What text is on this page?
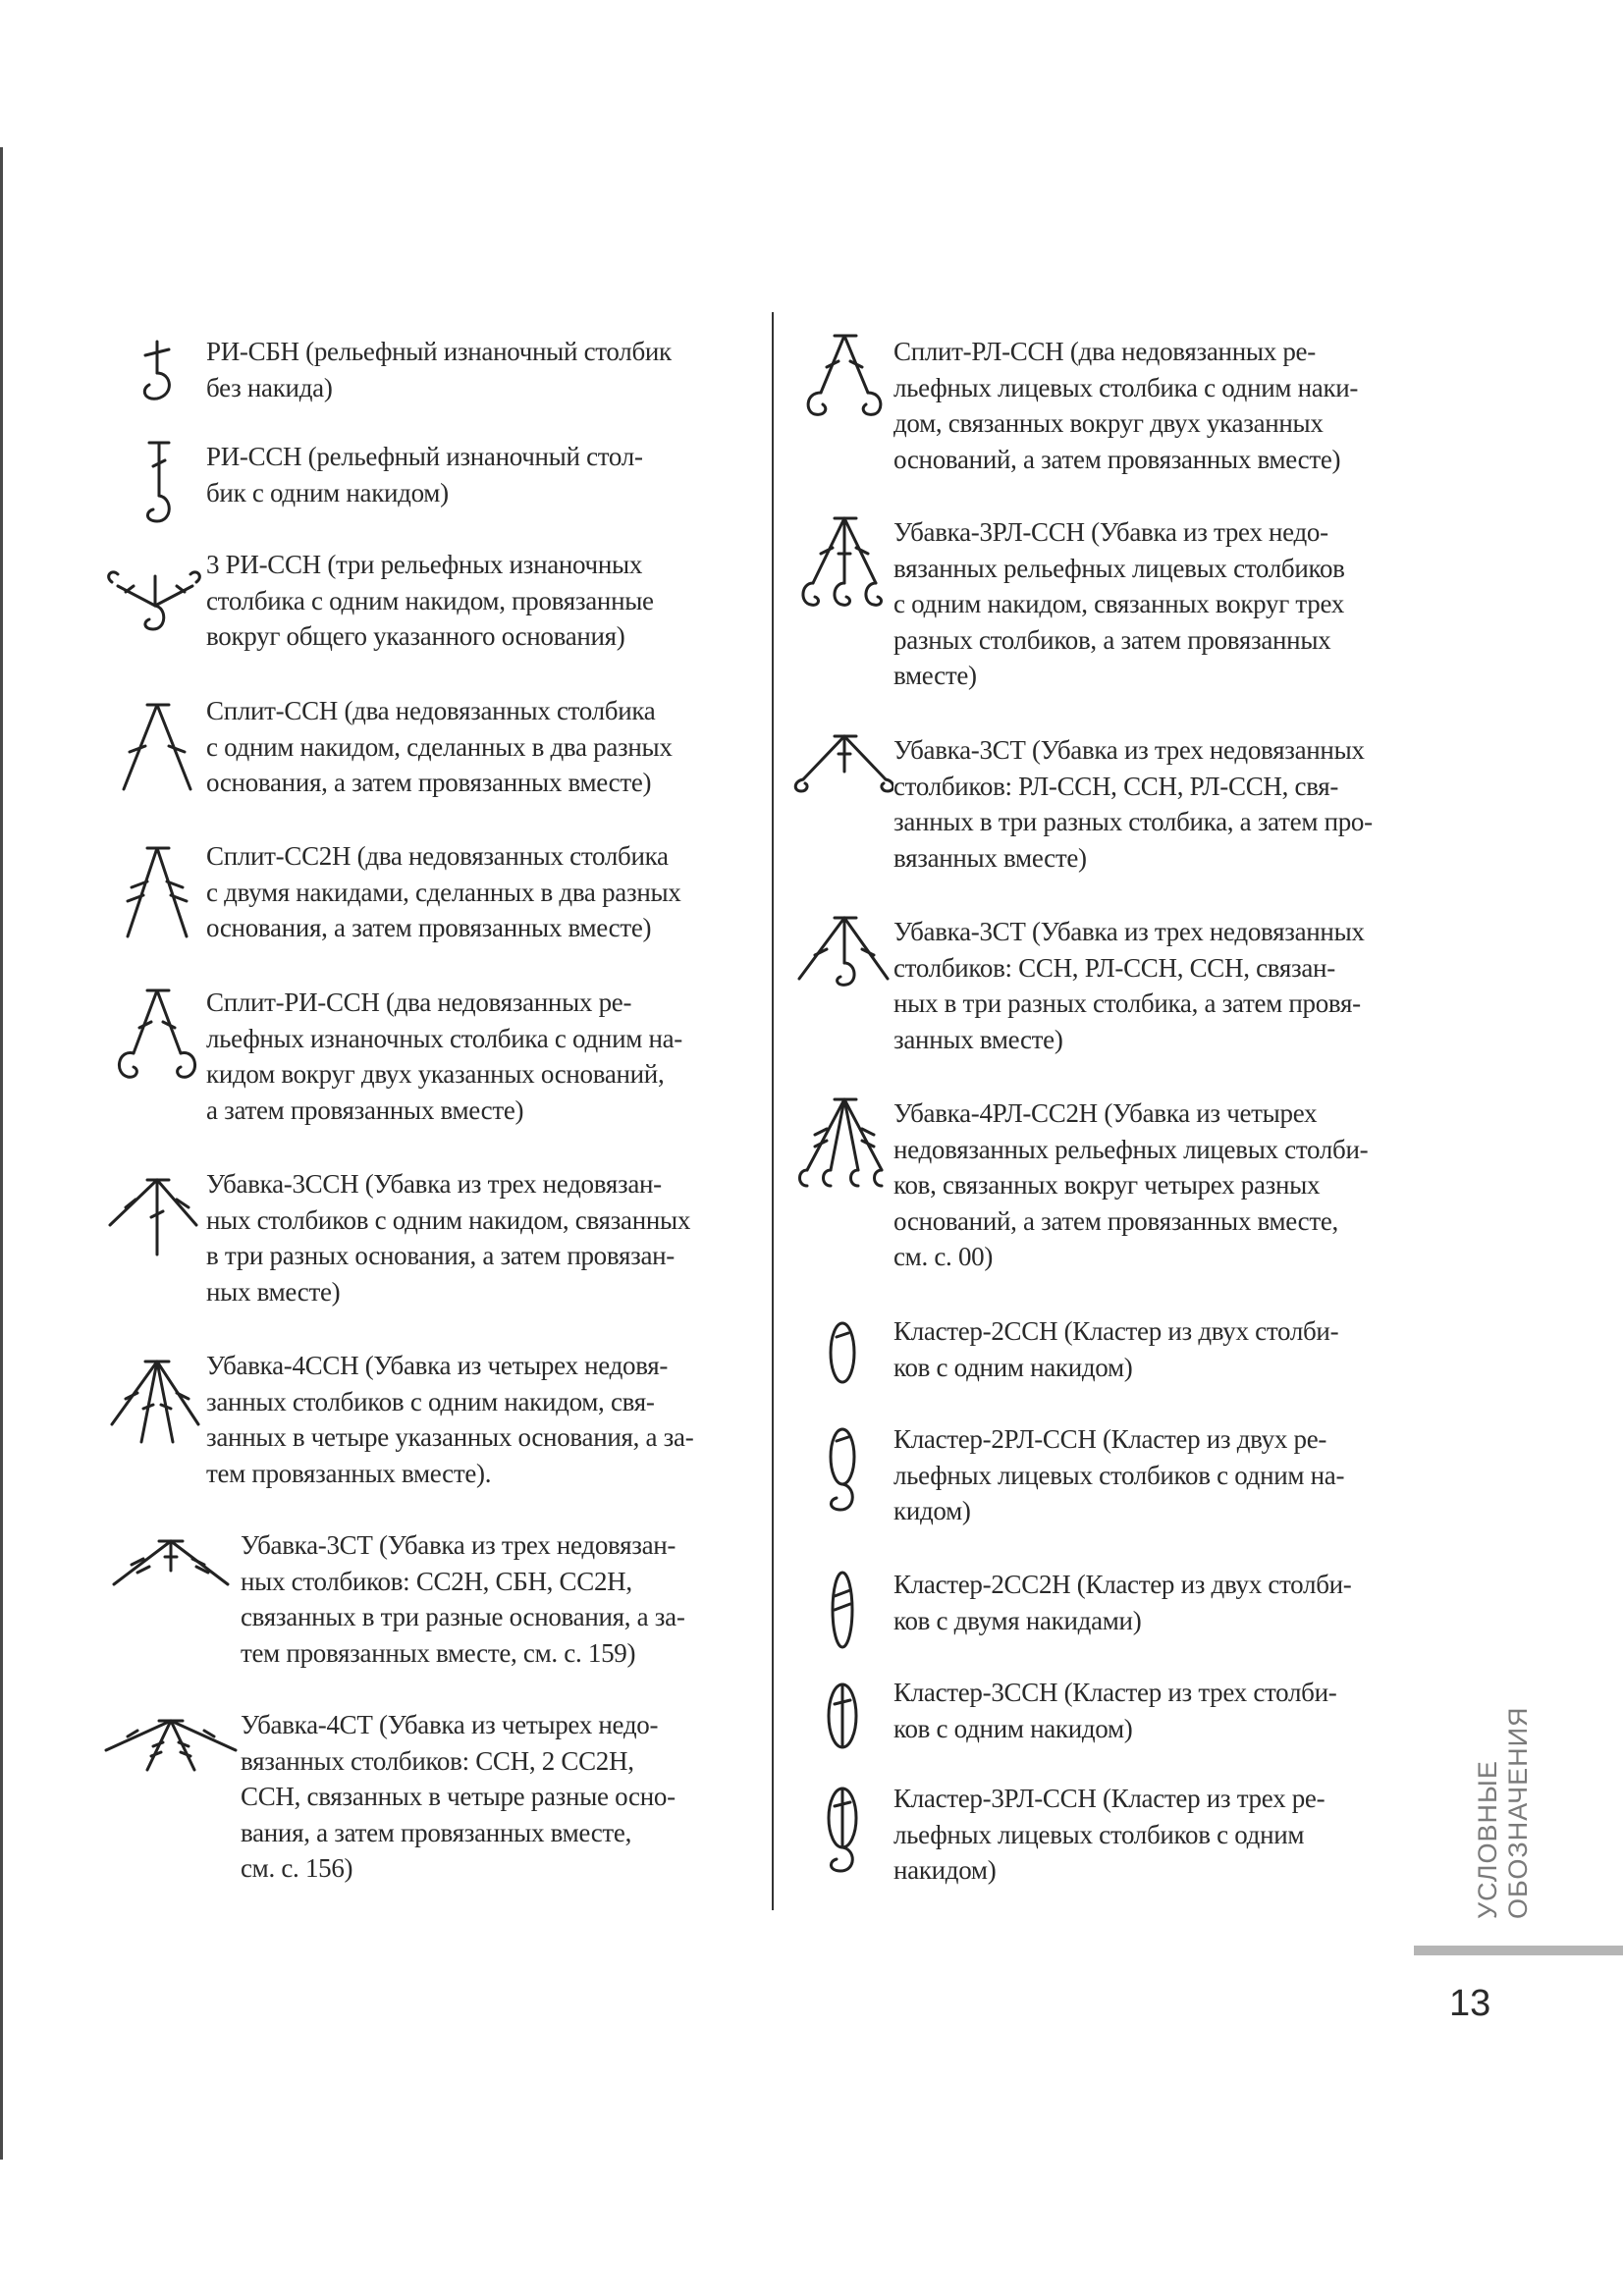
РИ-СБН (рельефный изнаночный столбик
без накида)
РИ-ССН (рельефный изнаночный стол-
бик с одним накидом)
3 РИ-ССН (три рельефных изнаночных
столбика с одним накидом, провязанные
вокруг общего указанного основания)
Сплит-ССН (два недовязанных столбика
с одним накидом, сделанных в два разных
основания, а затем провязанных вместе)
Сплит-СС2Н (два недовязанных столбика
с двумя накидами, сделанных в два разных
основания, а затем провязанных вместе)
Сплит-РИ-ССН (два недовязанных ре-
льефных изнаночных столбика с одним на-
кидом вокруг двух указанных оснований,
а затем провязанных вместе)
Убавка-3ССН (Убавка из трех недовязан-
ных столбиков с одним накидом, связанных
в три разных основания, а затем провязан-
ных вместе)
Убавка-4ССН (Убавка из четырех недовя-
занных столбиков с одним накидом, свя-
занных в четыре указанных основания, а за-
тем провязанных вместе).
Убавка-3СТ (Убавка из трех недовязан-
ных столбиков: СС2Н, СБН, СС2Н,
связанных в три разные основания, а за-
тем провязанных вместе, см. с. 159)
Убавка-4СТ (Убавка из четырех недо-
вязанных столбиков: ССН, 2 СС2Н,
ССН, связанных в четыре разные осно-
вания, а затем провязанных вместе,
см. с. 156)
Сплит-РЛ-ССН (два недовязанных ре-
льефных лицевых столбика с одним наки-
дом, связанных вокруг двух указанных
оснований, а затем провязанных вместе)
Убавка-3РЛ-ССН (Убавка из трех недо-
вязанных рельефных лицевых столбиков
с одним накидом, связанных вокруг трех
разных столбиков, а затем провязанных
вместе)
Убавка-3СТ (Убавка из трех недовязанных
столбиков: РЛ-ССН, ССН, РЛ-ССН, свя-
занных в три разных столбика, а затем про-
вязанных вместе)
Убавка-3СТ (Убавка из трех недовязанных
столбиков: ССН, РЛ-ССН, ССН, связан-
ных в три разных столбика, а затем провя-
занных вместе)
Убавка-4РЛ-СС2Н (Убавка из четырех
недовязанных рельефных лицевых столби-
ков, связанных вокруг четырех разных
оснований, а затем провязанных вместе,
см. с. 00)
Кластер-2ССН (Кластер из двух столби-
ков с одним накидом)
Кластер-2РЛ-ССН (Кластер из двух ре-
льефных лицевых столбиков с одним на-
кидом)
Кластер-2СС2Н (Кластер из двух столби-
ков с двумя накидами)
Кластер-3ССН (Кластер из трех столби-
ков с одним накидом)
Кластер-3РЛ-ССН (Кластер из трех ре-
льефных лицевых столбиков с одним
накидом)	УСЛОВНЫЕ ОБОЗНАЧЕНИЯ
13
